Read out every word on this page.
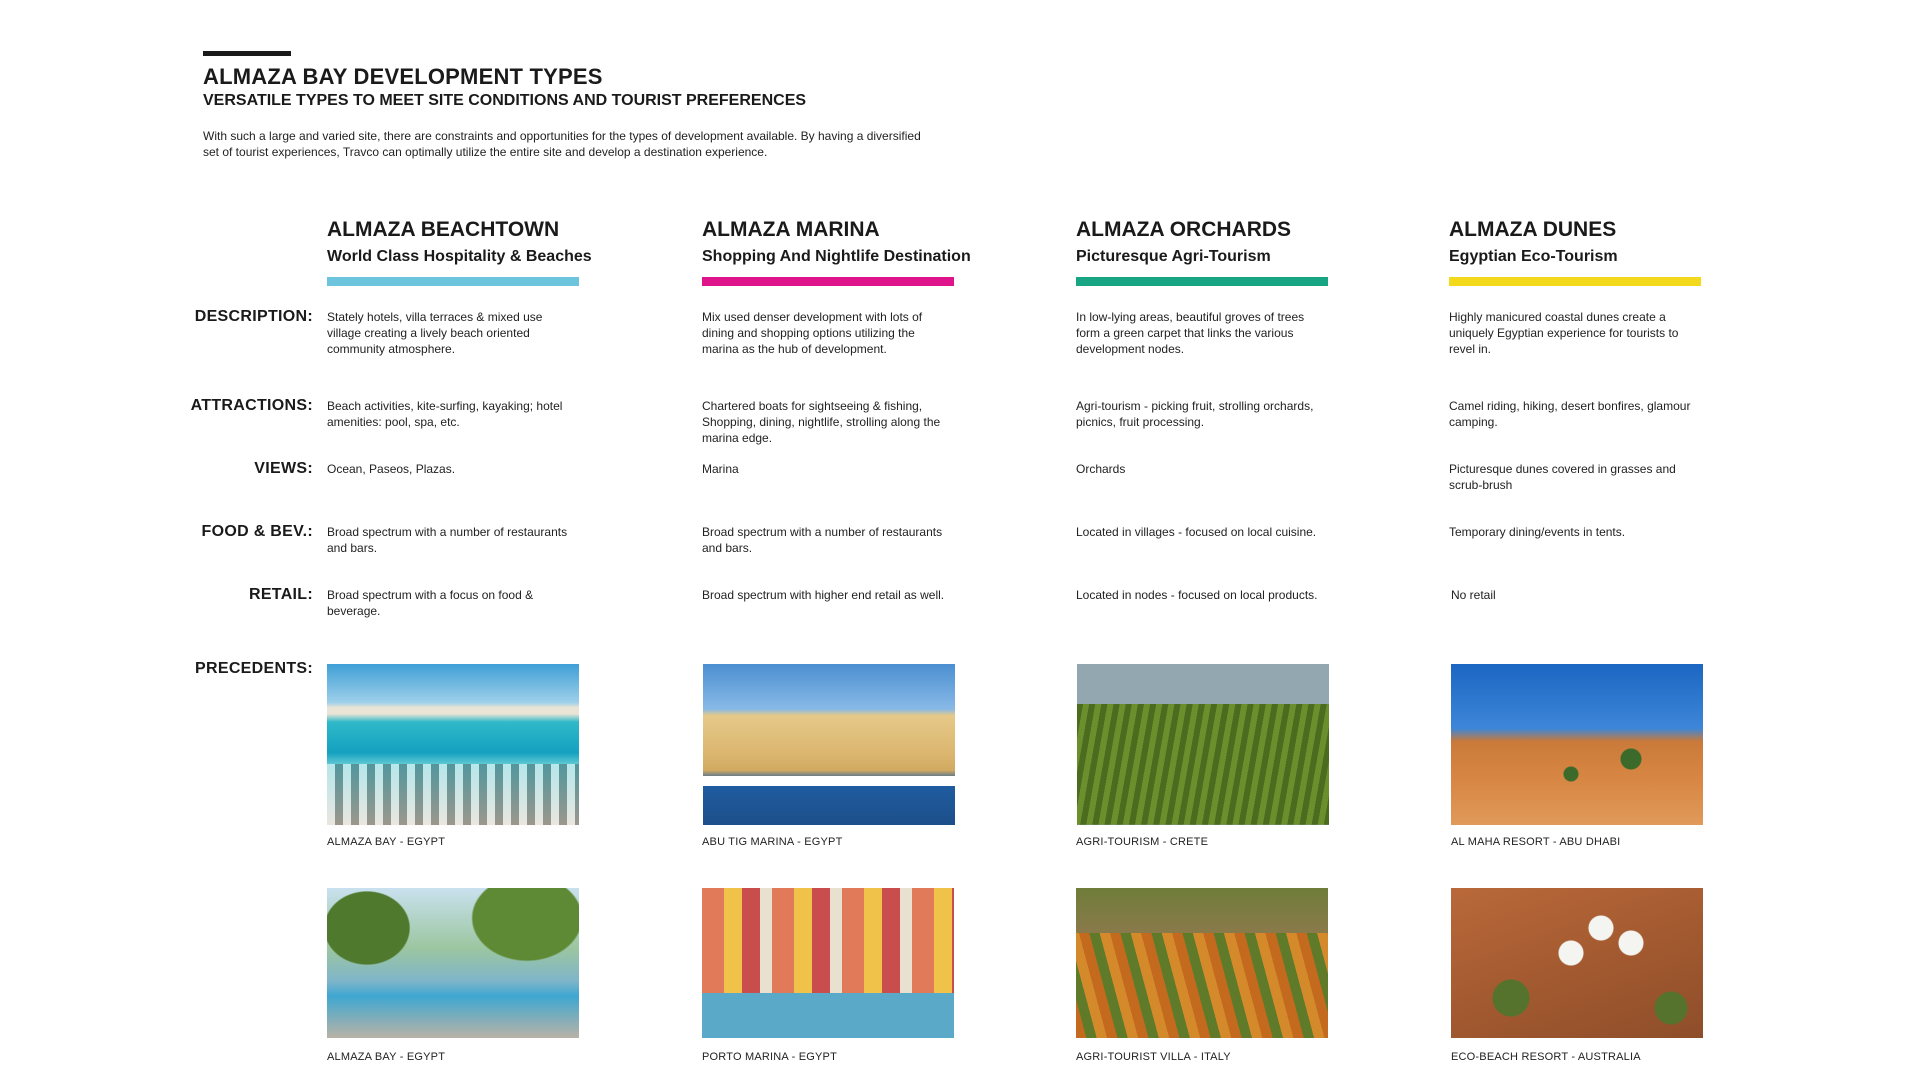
ALMAZA BAY DEVELOPMENT TYPES
VERSATILE TYPES TO MEET SITE CONDITIONS AND TOURIST PREFERENCES
With such a large and varied site, there are constraints and opportunities for the types of development available. By having a diversified set of tourist experiences, Travco can optimally utilize the entire site and develop a destination experience.
DESCRIPTION:
ATTRACTIONS:
VIEWS:
FOOD & BEV.:
RETAIL:
PRECEDENTS:
ALMAZA BEACHTOWN
World Class Hospitality & Beaches
Stately hotels, villa terraces & mixed use village creating a lively beach oriented community atmosphere.
Beach activities, kite-surfing, kayaking; hotel amenities: pool, spa, etc.
Ocean, Paseos, Plazas.
Broad spectrum with a number of restaurants and bars.
Broad spectrum with a focus on food & beverage.
ALMAZA BAY - EGYPT
ALMAZA BAY - EGYPT
ALMAZA MARINA
Shopping And Nightlife Destination
Mix used denser development with lots of dining and shopping options utilizing the marina as the hub of development.
Chartered boats for sightseeing & fishing, Shopping, dining, nightlife, strolling along the marina edge.
Marina
Broad spectrum with a number of restaurants and bars.
Broad spectrum with higher end retail as well.
ABU TIG MARINA - EGYPT
PORTO MARINA - EGYPT
ALMAZA ORCHARDS
Picturesque Agri-Tourism
In low-lying areas, beautiful groves of trees form a green carpet that links the various development nodes.
Agri-tourism - picking fruit, strolling orchards, picnics, fruit processing.
Orchards
Located in villages - focused on local cuisine.
Located in nodes - focused on local products.
AGRI-TOURISM - CRETE
AGRI-TOURIST VILLA - ITALY
ALMAZA DUNES
Egyptian Eco-Tourism
Highly manicured coastal dunes create a uniquely Egyptian experience for tourists to revel in.
Camel riding, hiking, desert bonfires, glamour camping.
Picturesque dunes covered in grasses and scrub-brush
Temporary dining/events in tents.
No retail
AL MAHA RESORT - ABU DHABI
ECO-BEACH RESORT - AUSTRALIA
